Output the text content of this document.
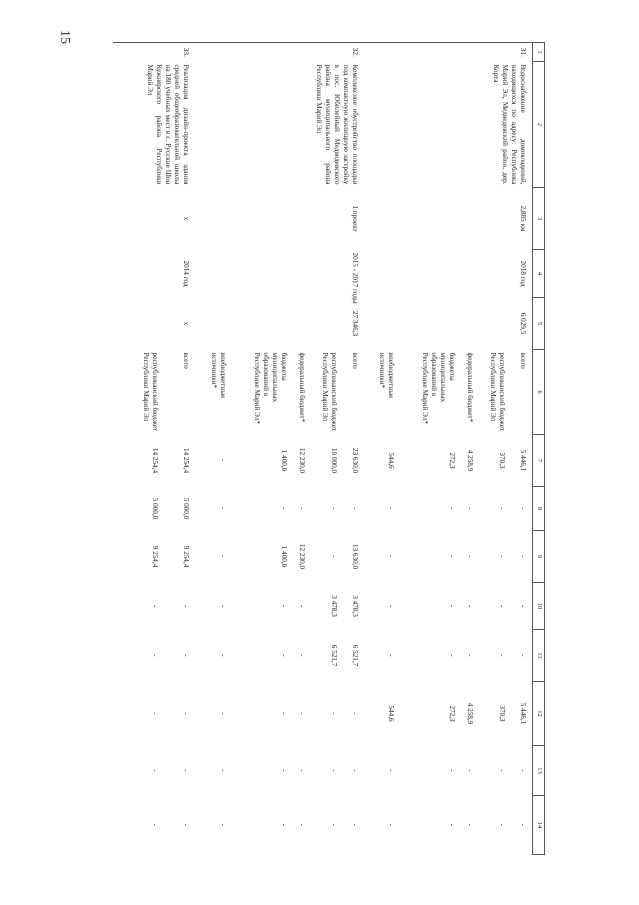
15
1	2	3	4	5	6	7	8	9	10	11	12	13	14
31.	Водоснабжение домовладений, находящихся по адресу: Республика Марий Эл, Медведевский район, дер. Корта	2,885 км	2018 год	6 029,5	всего	5 446,1	-	-	-	-	5 446,1	-	-
					республиканский бюджет Республики Марий Эл	370,3	-	-	-	-	370,3	-	-
					федеральный бюджет*	4 258,9	-	-	-	-	4 258,9	-	-
					бюджеты муниципальных образований в Республике Марий Эл*	272,3	-	-	-	-	272,3	-	-
					внебюджетные источники*	544,6	-	-	-	-	544,6	-	-
32.	Комплексное обустройство площадки под компактную жилищную застройку в пос. Юбилейный Медведевского района муниципального района Республики Марий Эл	1 проект	2015 - 2017 годы	27 346,3	всего	23 630,0	-	13 630,0	3 478,3	6 521,7	-	-	-
					республиканский бюджет Республики Марий Эл	10 000,0	-	-	3 478,3	6 521,7	-	-	-
					федеральный бюджет*	12 230,0	-	12 230,0	-	-	-	-	-
					бюджеты муниципальных образований в Республике Марий Эл*	1 400,0	-	1 400,0	-	-	-	-	-
					внебюджетные источники*	-	-	-	-	-	-	-	-
33.	Реализация дизайн-проекта здания средней общеобразовательной школы на 180 учебных мест в с. Русские Шои Кужнерского района Республики Марий Эл	х	2014 год	х	всего	14 254,4	5 000,0	9 254,4	-	-	-	-	-
					республиканский бюджет Республики Марий Эл	14 254,4	5 000,0	9 254,4	-	-	-	-	-
